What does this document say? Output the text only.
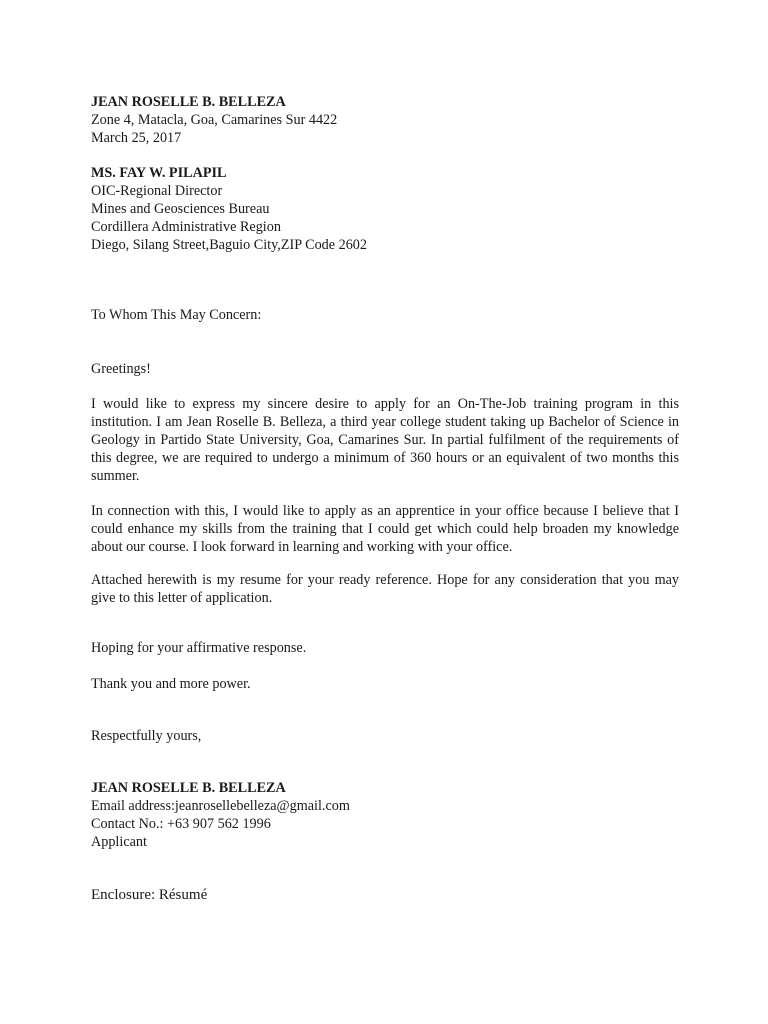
JEAN ROSELLE B. BELLEZA
Zone 4, Matacla, Goa, Camarines Sur 4422
March 25, 2017
MS. FAY W. PILAPIL
OIC-Regional Director
Mines and Geosciences Bureau
Cordillera Administrative Region
Diego, Silang Street,Baguio City,ZIP Code 2602
To Whom This May Concern:
Greetings!
I would like to express my sincere desire to apply for an On-The-Job training program in this institution. I am Jean Roselle B. Belleza, a third year college student taking up Bachelor of Science in Geology in Partido State University, Goa, Camarines Sur. In partial fulfilment of the requirements of this degree, we are required to undergo a minimum of 360 hours or an equivalent of two months this summer.
In connection with this, I would like to apply as an apprentice in your office because I believe that I could enhance my skills from the training that I could get which could help broaden my knowledge about our course. I look forward in learning and working with your office.
Attached herewith is my resume for your ready reference. Hope for any consideration that you may give to this letter of application.
Hoping for your affirmative response.
Thank you and more power.
Respectfully yours,
JEAN ROSELLE B. BELLEZA
Email address:jeanrosellebelleza@gmail.com
Contact No.: +63 907 562 1996
Applicant
Enclosure: Résumé
